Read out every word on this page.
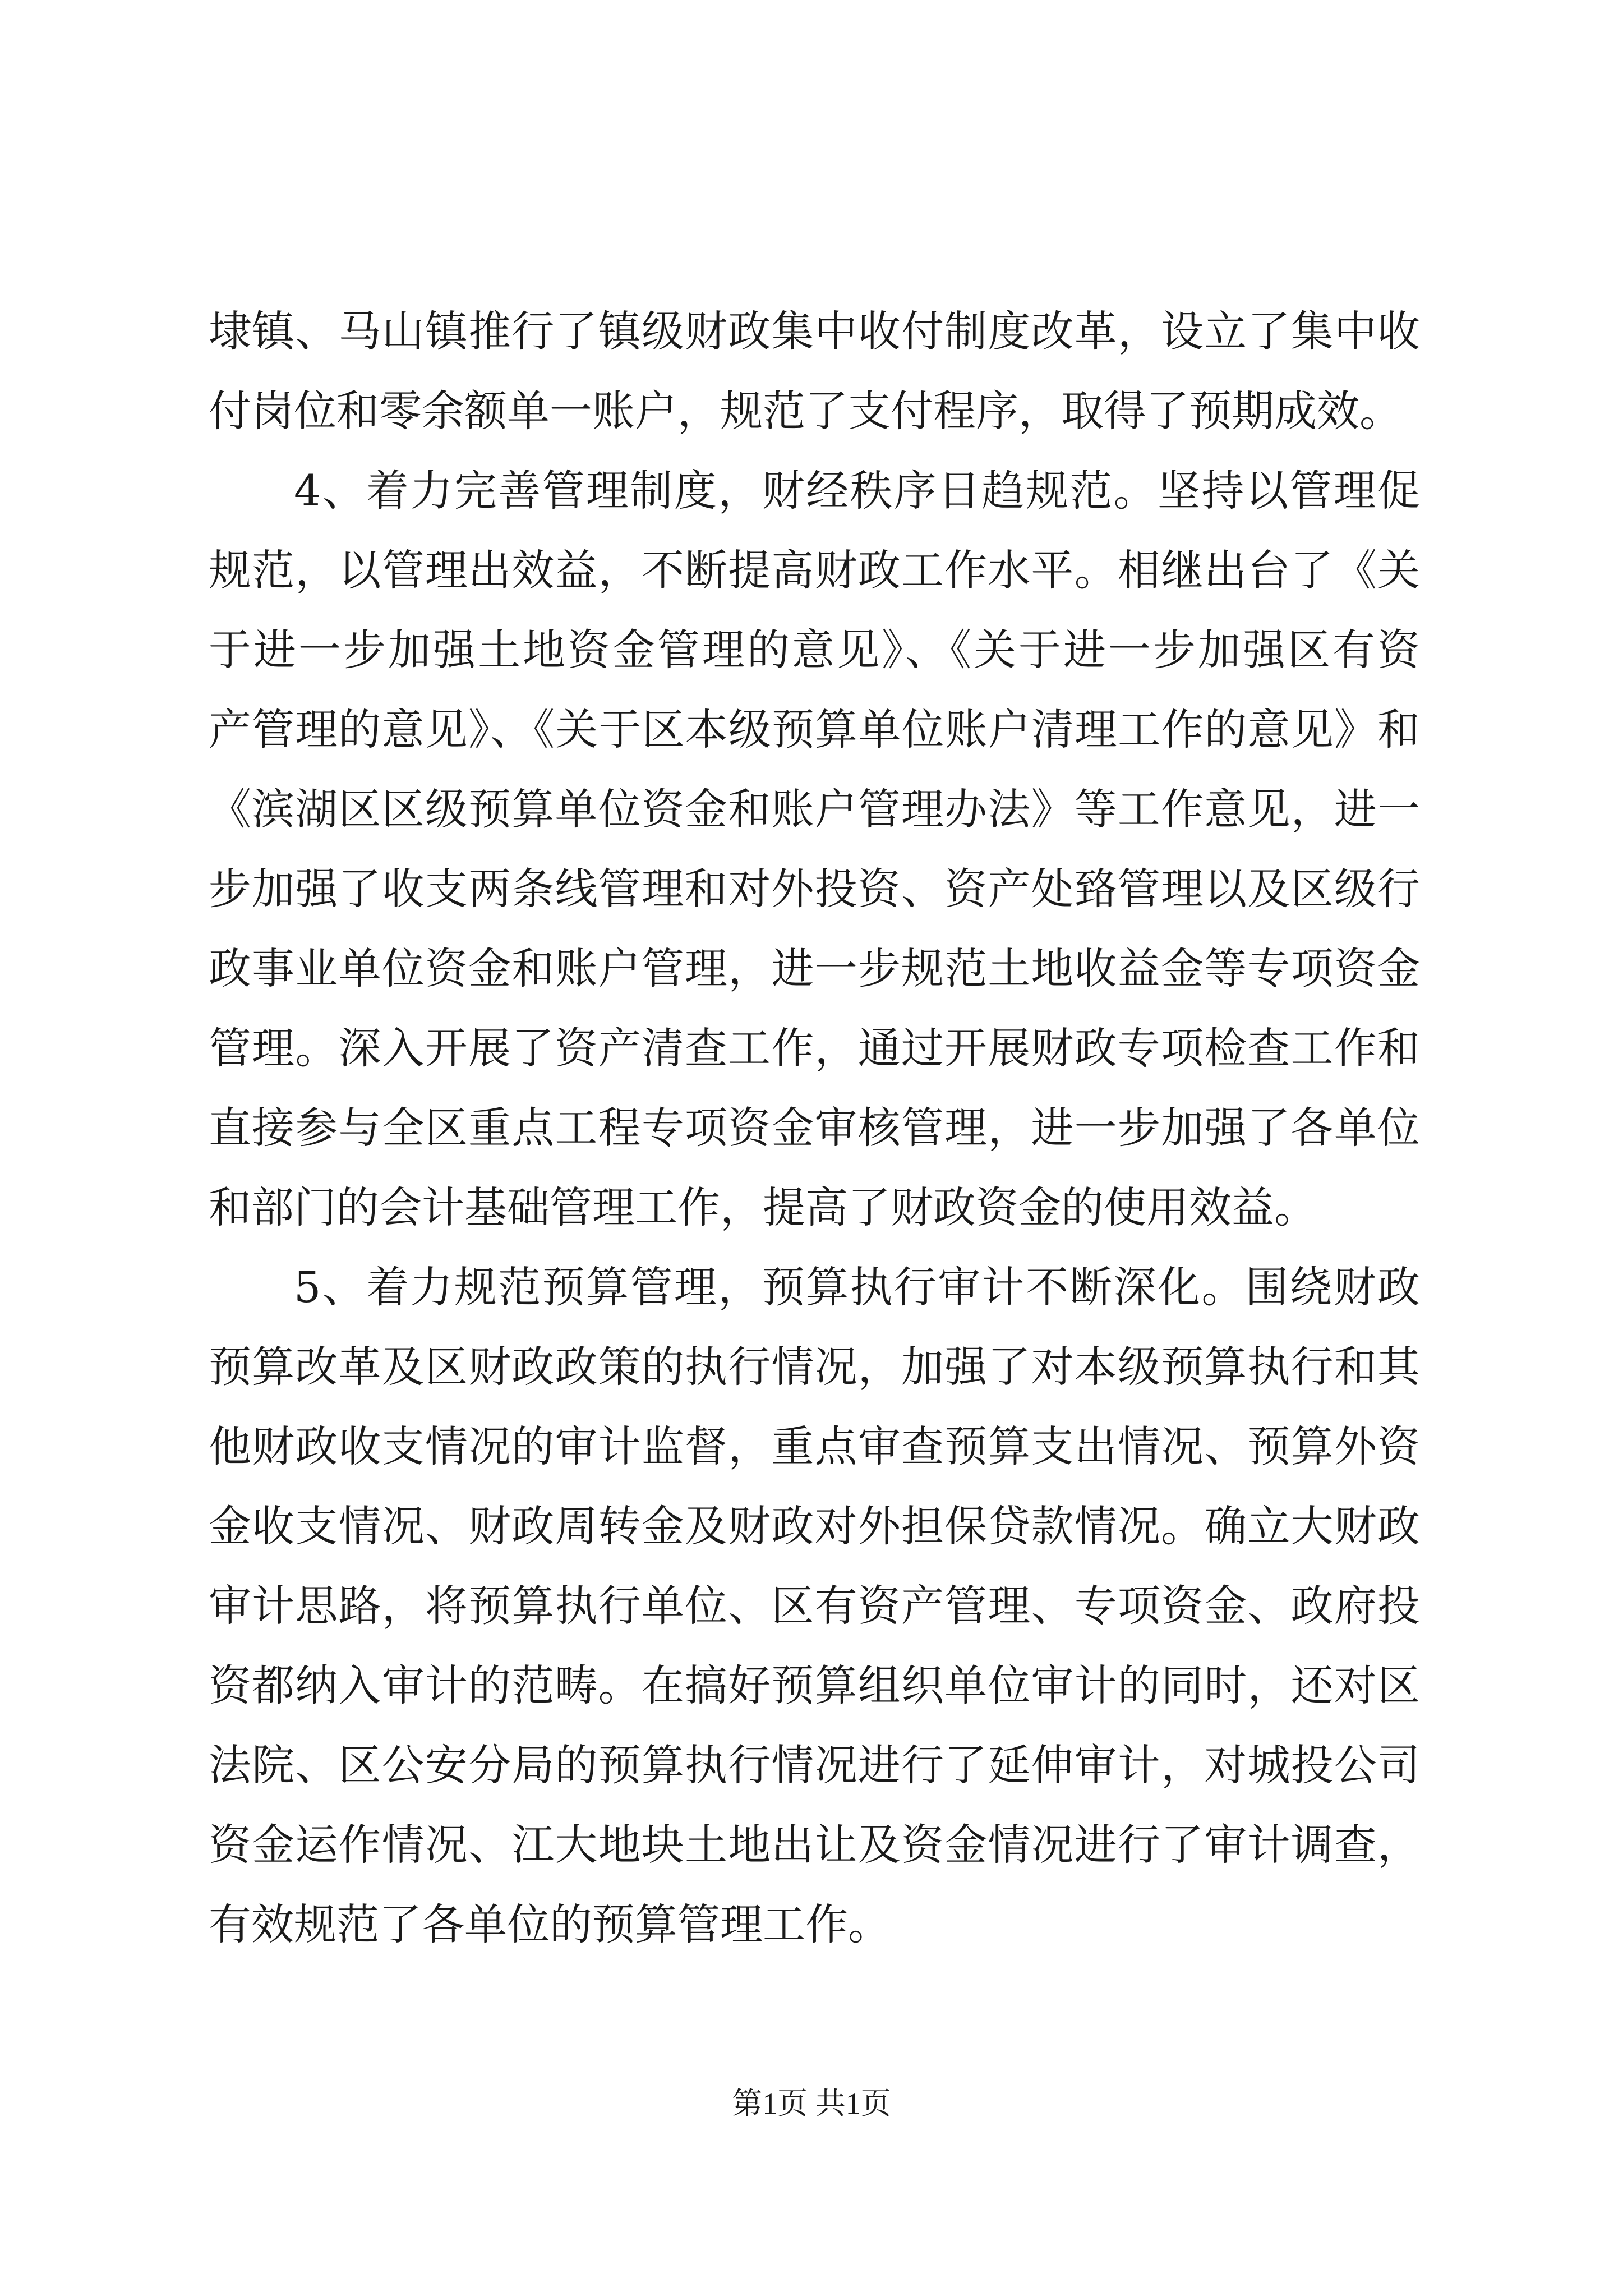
埭镇、马山镇推行了镇级财政集中收付制度改革，设立了集中收
付岗位和零余额单一账户，规范了支付程序，取得了预期成效。
4、着力完善管理制度，财经秩序日趋规范。坚持以管理促
规范，以管理出效益，不断提高财政工作水平。相继出台了《关
于进一步加强土地资金管理的意见》、《关于进一步加强区有资
产管理的意见》、《关于区本级预算单位账户清理工作的意见》和
《滨湖区区级预算单位资金和账户管理办法》等工作意见，进一
步加强了收支两条线管理和对外投资、资产处臵管理以及区级行
政事业单位资金和账户管理，进一步规范土地收益金等专项资金
管理。深入开展了资产清查工作，通过开展财政专项检查工作和
直接参与全区重点工程专项资金审核管理，进一步加强了各单位
和部门的会计基础管理工作，提高了财政资金的使用效益。
5、着力规范预算管理，预算执行审计不断深化。围绕财政
预算改革及区财政政策的执行情况，加强了对本级预算执行和其
他财政收支情况的审计监督，重点审查预算支出情况、预算外资
金收支情况、财政周转金及财政对外担保贷款情况。确立大财政
审计思路，将预算执行单位、区有资产管理、专项资金、政府投
资都纳入审计的范畴。在搞好预算组织单位审计的同时，还对区
法院、区公安分局的预算执行情况进行了延伸审计，对城投公司
资金运作情况、江大地块土地出让及资金情况进行了审计调查，
有效规范了各单位的预算管理工作。
第1页 共1页
